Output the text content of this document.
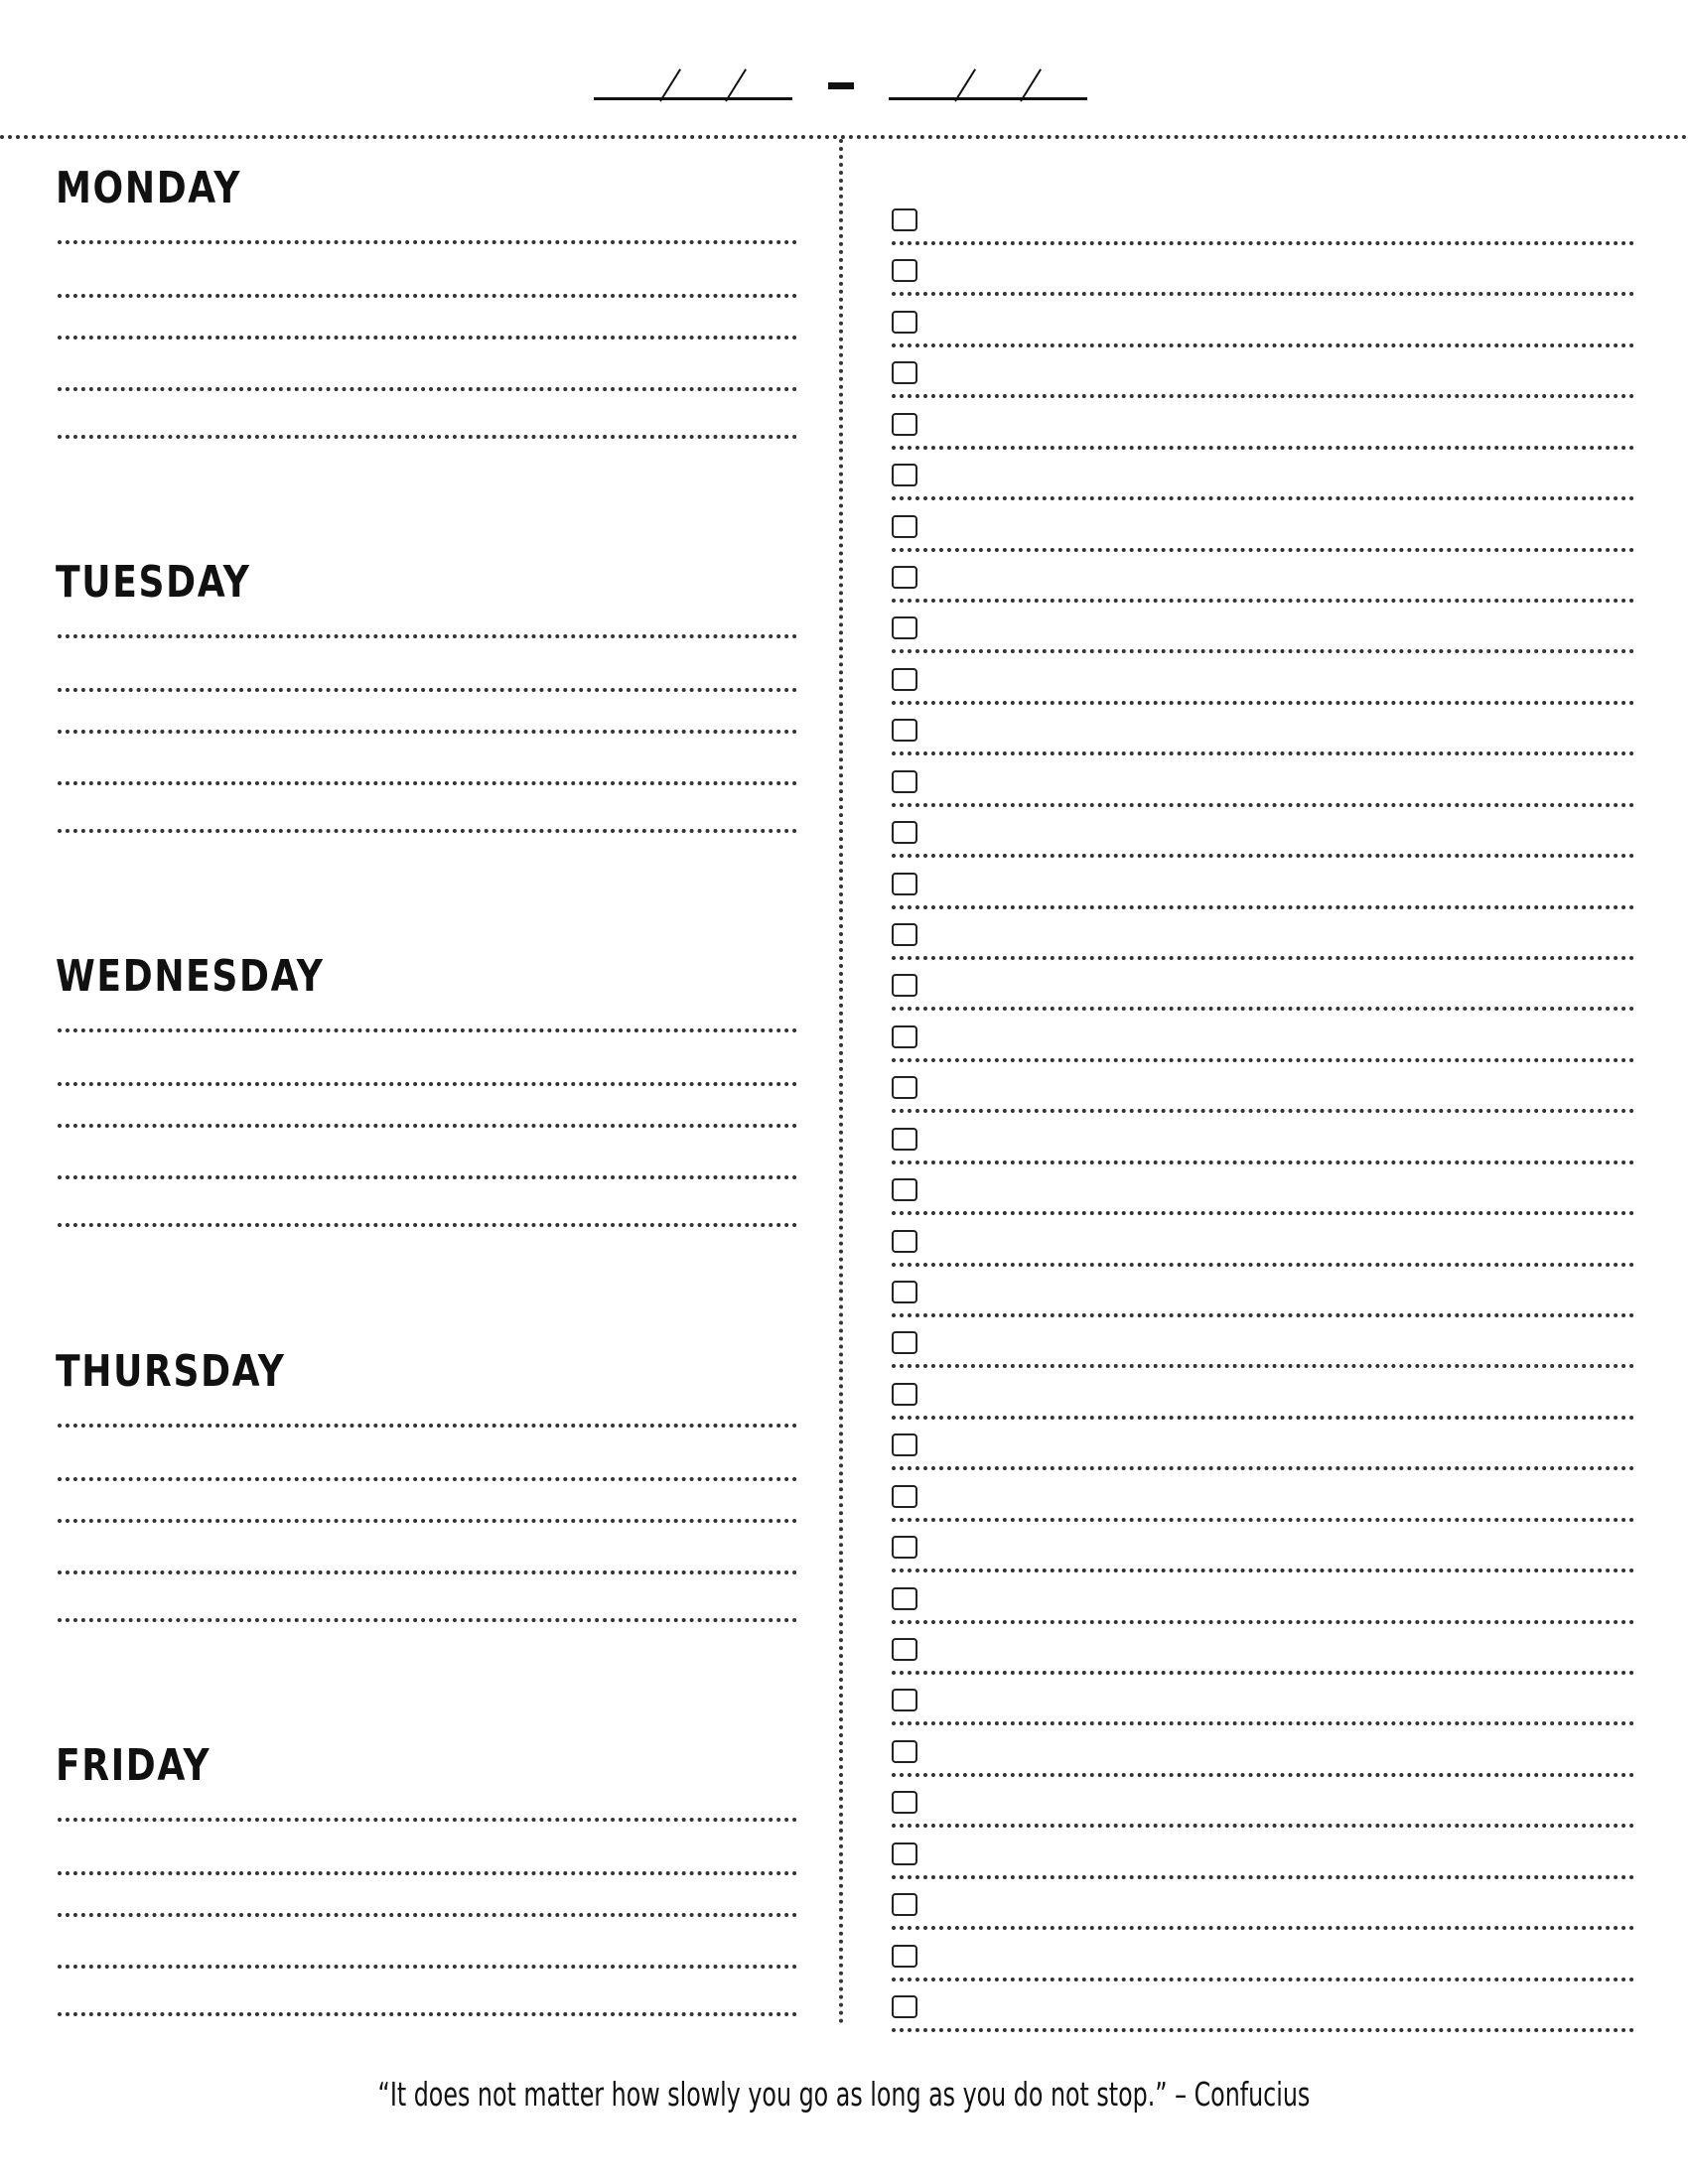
MONDAY
TUESDAY
WEDNESDAY
THURSDAY
FRIDAY
“It does not matter how slowly you go as long as you do not stop.” – Confucius
